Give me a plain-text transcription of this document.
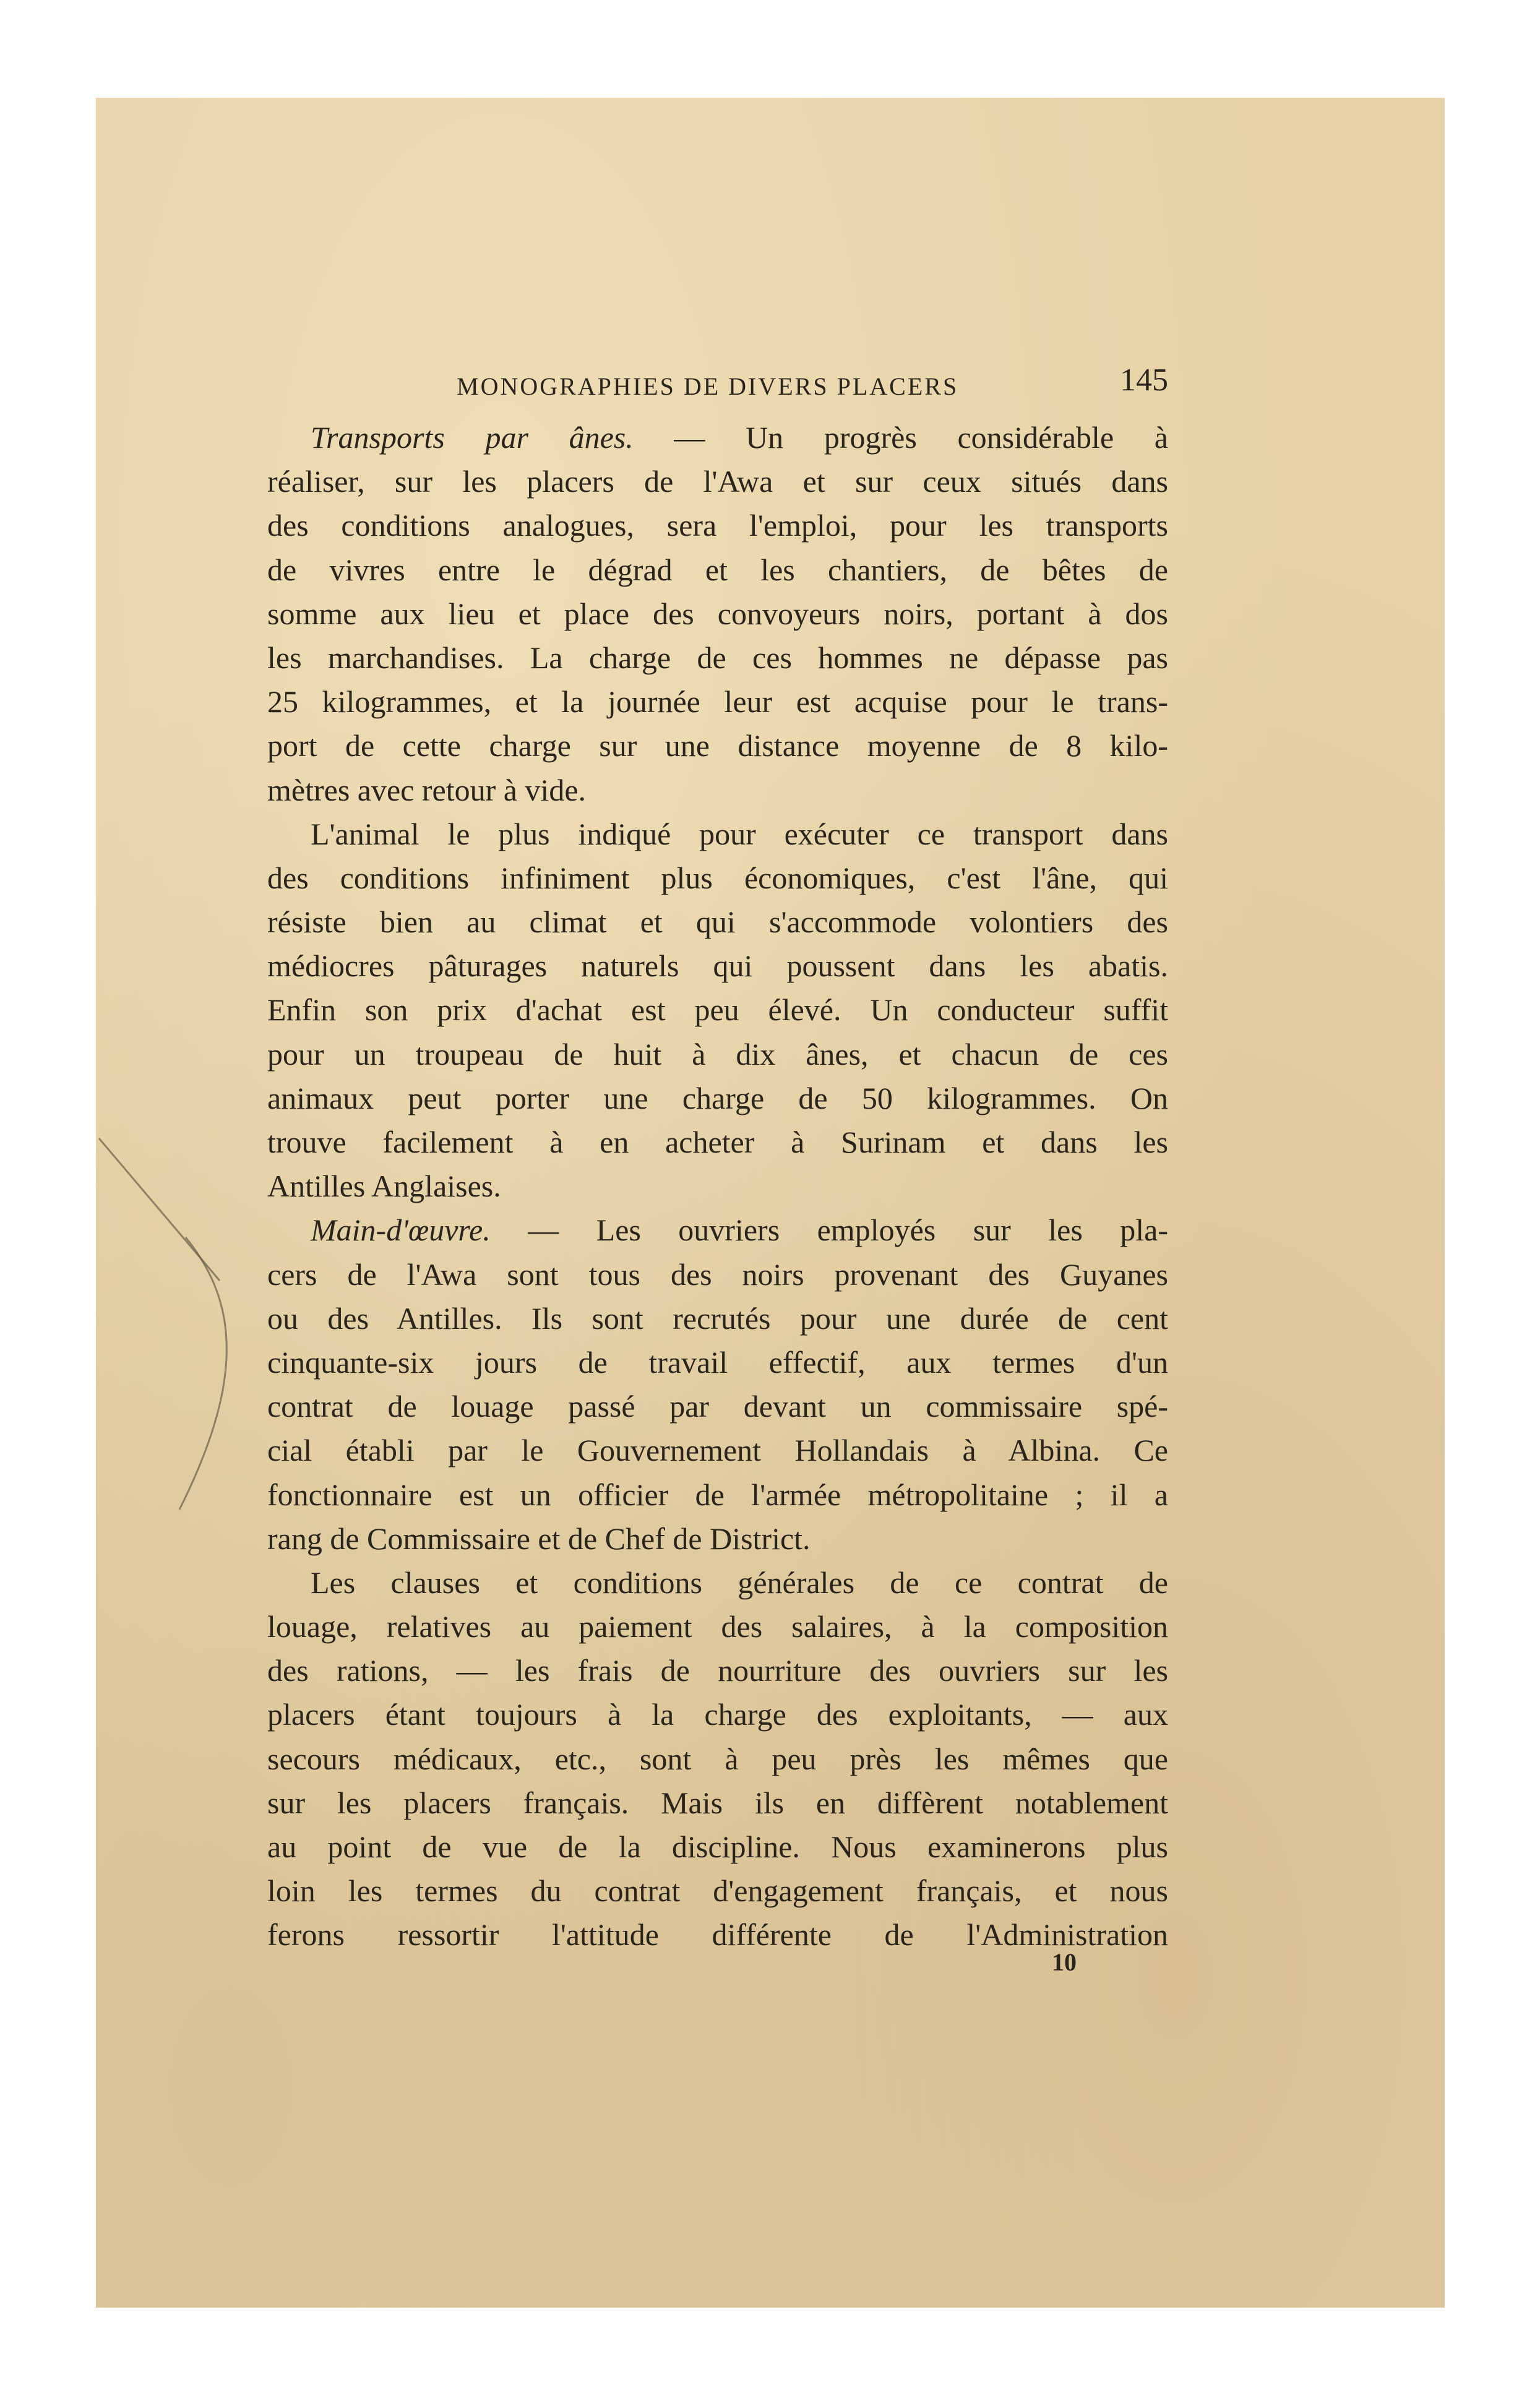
MONOGRAPHIES DE DIVERS PLACERS	145
Transports par ânes. — Un progrès considérable à
réaliser, sur les placers de l'Awa et sur ceux situés dans
des conditions analogues, sera l'emploi, pour les transports
de vivres entre le dégrad et les chantiers, de bêtes de
somme aux lieu et place des convoyeurs noirs, portant à dos
les marchandises. La charge de ces hommes ne dépasse pas
25 kilogrammes, et la journée leur est acquise pour le trans-
port de cette charge sur une distance moyenne de 8 kilo-
mètres avec retour à vide.
L'animal le plus indiqué pour exécuter ce transport dans
des conditions infiniment plus économiques, c'est l'âne, qui
résiste bien au climat et qui s'accommode volontiers des
médiocres pâturages naturels qui poussent dans les abatis.
Enfin son prix d'achat est peu élevé. Un conducteur suffit
pour un troupeau de huit à dix ânes, et chacun de ces
animaux peut porter une charge de 50 kilogrammes. On
trouve facilement à en acheter à Surinam et dans les
Antilles Anglaises.
Main-d'œuvre. — Les ouvriers employés sur les pla-
cers de l'Awa sont tous des noirs provenant des Guyanes
ou des Antilles. Ils sont recrutés pour une durée de cent
cinquante-six jours de travail effectif, aux termes d'un
contrat de louage passé par devant un commissaire spé-
cial établi par le Gouvernement Hollandais à Albina. Ce
fonctionnaire est un officier de l'armée métropolitaine ; il a
rang de Commissaire et de Chef de District.
Les clauses et conditions générales de ce contrat de
louage, relatives au paiement des salaires, à la composition
des rations, — les frais de nourriture des ouvriers sur les
placers étant toujours à la charge des exploitants, — aux
secours médicaux, etc., sont à peu près les mêmes que
sur les placers français. Mais ils en diffèrent notablement
au point de vue de la discipline. Nous examinerons plus
loin les termes du contrat d'engagement français, et nous
ferons ressortir l'attitude différente de l'Administration
10
